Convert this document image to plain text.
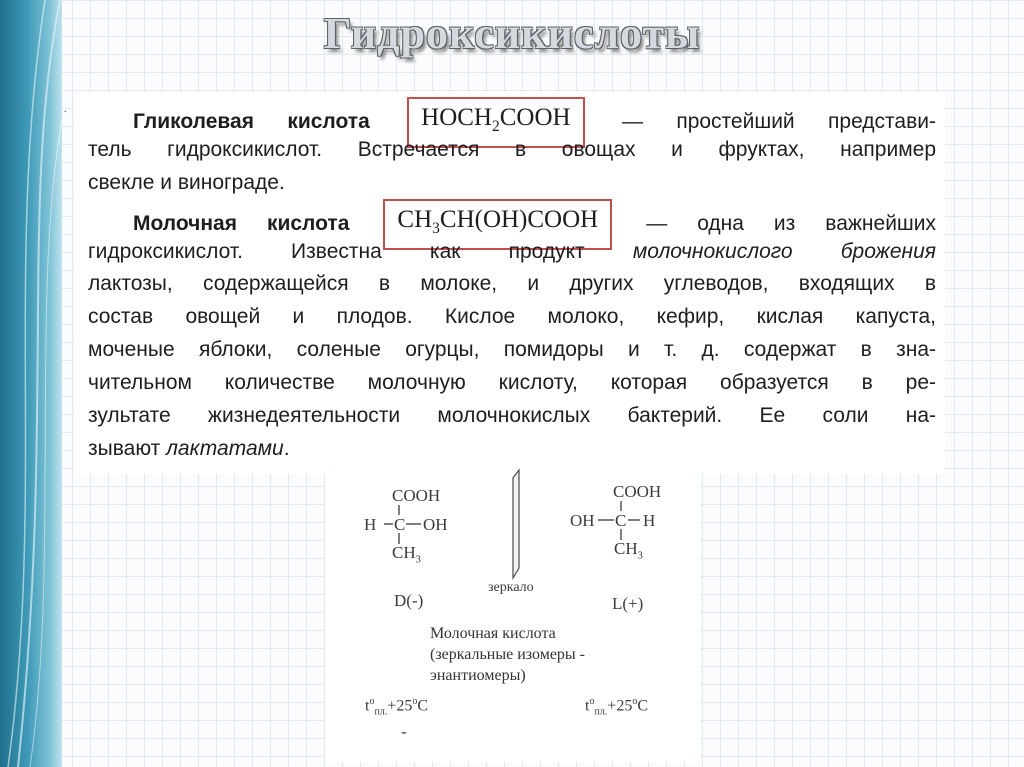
Гидроксикислоты
.
Гликолевая кислота $HOCH_2COOH$ — простейший представи-
тель гидроксикислот. Встречается в овощах и фруктах, например
свекле и винограде.
Молочная кислота $CH_3CH(OH)COOH$ — одна из важнейших
гидроксикислот. Известна как продукт молочнокислого брожения
лактозы, содержащейся в молоке, и других углеводов, входящих в
состав овощей и плодов. Кислое молоко, кефир, кислая капуста,
моченые яблоки, соленые огурцы, помидоры и т. д. содержат в зна-
чительном количестве молочную кислоту, которая образуется в ре-
зультате жизнедеятельности молочнокислых бактерий. Ее соли на-
зывают лактатами.
COOH
H C OH
$CH_3$
D(-)
COOH
OH C H
$CH_3$
L(+)
зеркало
Молочная кислота
(зеркальные изомеры -
энантиомеры)
$t^o_{пл.}+25^oC$	$t^o_{пл.}+25^oC$
-
